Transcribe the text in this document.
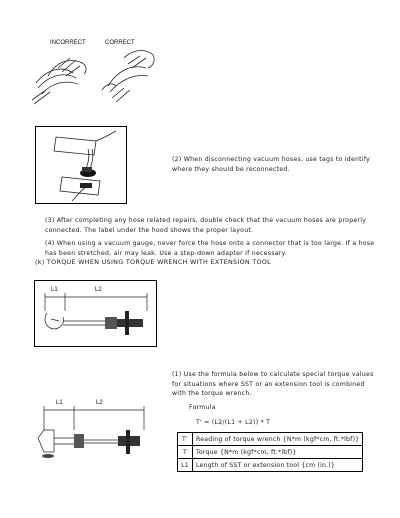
INCORRECT	CORRECT
(2) When disconnecting vacuum hoses, use tags to identify where they should be reconnected.
(3) After completing any hose related repairs, double check that the vacuum hoses are properly connected. The label under the hood shows the proper layout.
(4) When using a vacuum gauge, never force the hose onto a connector that is too large. If a hose has been stretched, air may leak. Use a step-down adapter if necessary.
(k) TORQUE WHEN USING TORQUE WRENCH WITH EXTENSION TOOL
L1	L2
(1) Use the formula below to calculate special torque values for situations where SST or an extension tool is combined with the torque wrench.
Formula
T' = (L2/(L1 + L2)) * T
L1	L2
T'	Reading of torque wrench {N*m (kgf*cm, ft.*lbf)}
T	Torque {N*m (kgf*cm, ft.*lbf)}
L1	Length of SST or extension tool {cm (in.)}
